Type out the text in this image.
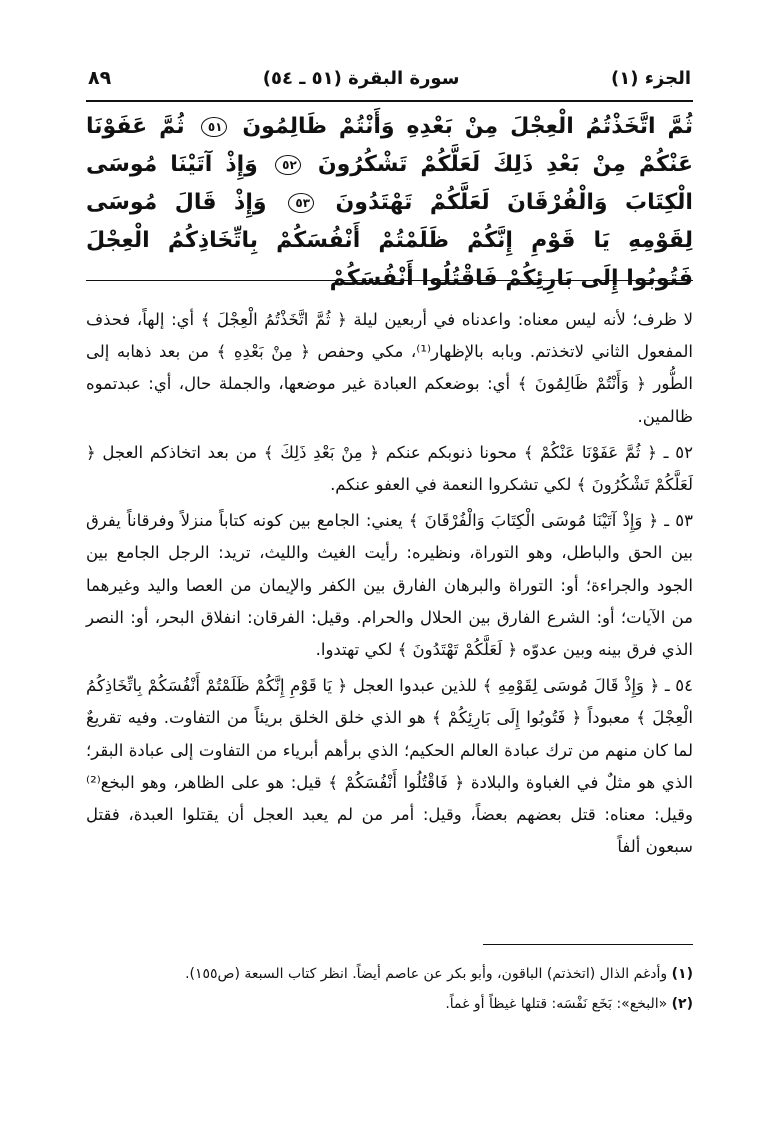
الجزء (١)
سورة البقرة (٥١ ـ ٥٤)
٨٩
ثُمَّ اتَّخَذْتُمُ الْعِجْلَ مِنْ بَعْدِهِ وَأَنْتُمْ ظَالِمُونَ ٥١ ثُمَّ عَفَوْنَا عَنْكُمْ مِنْ بَعْدِ ذَلِكَ لَعَلَّكُمْ تَشْكُرُونَ ٥٢ وَإِذْ آتَيْنَا مُوسَى الْكِتَابَ وَالْفُرْقَانَ لَعَلَّكُمْ تَهْتَدُونَ ٥٣ وَإِذْ قَالَ مُوسَى لِقَوْمِهِ يَا قَوْمِ إِنَّكُمْ ظَلَمْتُمْ أَنْفُسَكُمْ بِاتِّخَاذِكُمُ الْعِجْلَ فَتُوبُوا إِلَى بَارِئِكُمْ فَاقْتُلُوا أَنْفُسَكُمْ

لا ظرف؛ لأنه ليس معناه: واعدناه في أربعين ليلة ﴿ ثُمَّ اتَّخَذْتُمُ الْعِجْلَ ﴾ أي: إلهاً، فحذف المفعول الثاني لاتخذتم. وبابه بالإظهار⁽¹⁾، مكي وحفص ﴿ مِنْ بَعْدِهِ ﴾ من بعد ذهابه إلى الطُّور ﴿ وَأَنْتُمْ ظَالِمُونَ ﴾ أي: بوضعكم العبادة غير موضعها، والجملة حال، أي: عبدتموه ظالمين.

٥٢ ـ ﴿ ثُمَّ عَفَوْنَا عَنْكُمْ ﴾ محونا ذنوبكم عنكم ﴿ مِنْ بَعْدِ ذَلِكَ ﴾ من بعد اتخاذكم العجل ﴿ لَعَلَّكُمْ تَشْكُرُونَ ﴾ لكي تشكروا النعمة في العفو عنكم.

٥٣ ـ ﴿ وَإِذْ آتَيْنَا مُوسَى الْكِتَابَ وَالْفُرْقَانَ ﴾ يعني: الجامع بين كونه كتاباً منزلاً وفرقاناً يفرق بين الحق والباطل، وهو التوراة، ونظيره: رأيت الغيث والليث، تريد: الرجل الجامع بين الجود والجراءة؛ أو: التوراة والبرهان الفارق بين الكفر والإيمان من العصا واليد وغيرهما من الآيات؛ أو: الشرع الفارق بين الحلال والحرام. وقيل: الفرقان: انفلاق البحر، أو: النصر الذي فرق بينه وبين عدوّه ﴿ لَعَلَّكُمْ تَهْتَدُونَ ﴾ لكي تهتدوا.

٥٤ ـ ﴿ وَإِذْ قَالَ مُوسَى لِقَوْمِهِ ﴾ للذين عبدوا العجل ﴿ يَا قَوْمِ إِنَّكُمْ ظَلَمْتُمْ أَنْفُسَكُمْ بِاتِّخَاذِكُمُ الْعِجْلَ ﴾ معبوداً ﴿ فَتُوبُوا إِلَى بَارِئِكُمْ ﴾ هو الذي خلق الخلق بريئاً من التفاوت. وفيه تقريعٌ لما كان منهم من ترك عبادة العالم الحكيم؛ الذي برأهم أبرياء من التفاوت إلى عبادة البقر؛ الذي هو مثلٌ في الغباوة والبلادة ﴿ فَاقْتُلُوا أَنْفُسَكُمْ ﴾ قيل: هو على الظاهر، وهو البخع⁽²⁾ وقيل: معناه: قتل بعضهم بعضاً، وقيل: أمر من لم يعبد العجل أن يقتلوا العبدة، فقتل سبعون ألفاً

(١) وأدغم الذال (اتخذتم) الباقون، وأبو بكر عن عاصم أيضاً. انظر كتاب السبعة (ص١٥٥).

(٢) «البخع»: بَخَع نَفْسَه: قتلها غيظاً أو غماً.
